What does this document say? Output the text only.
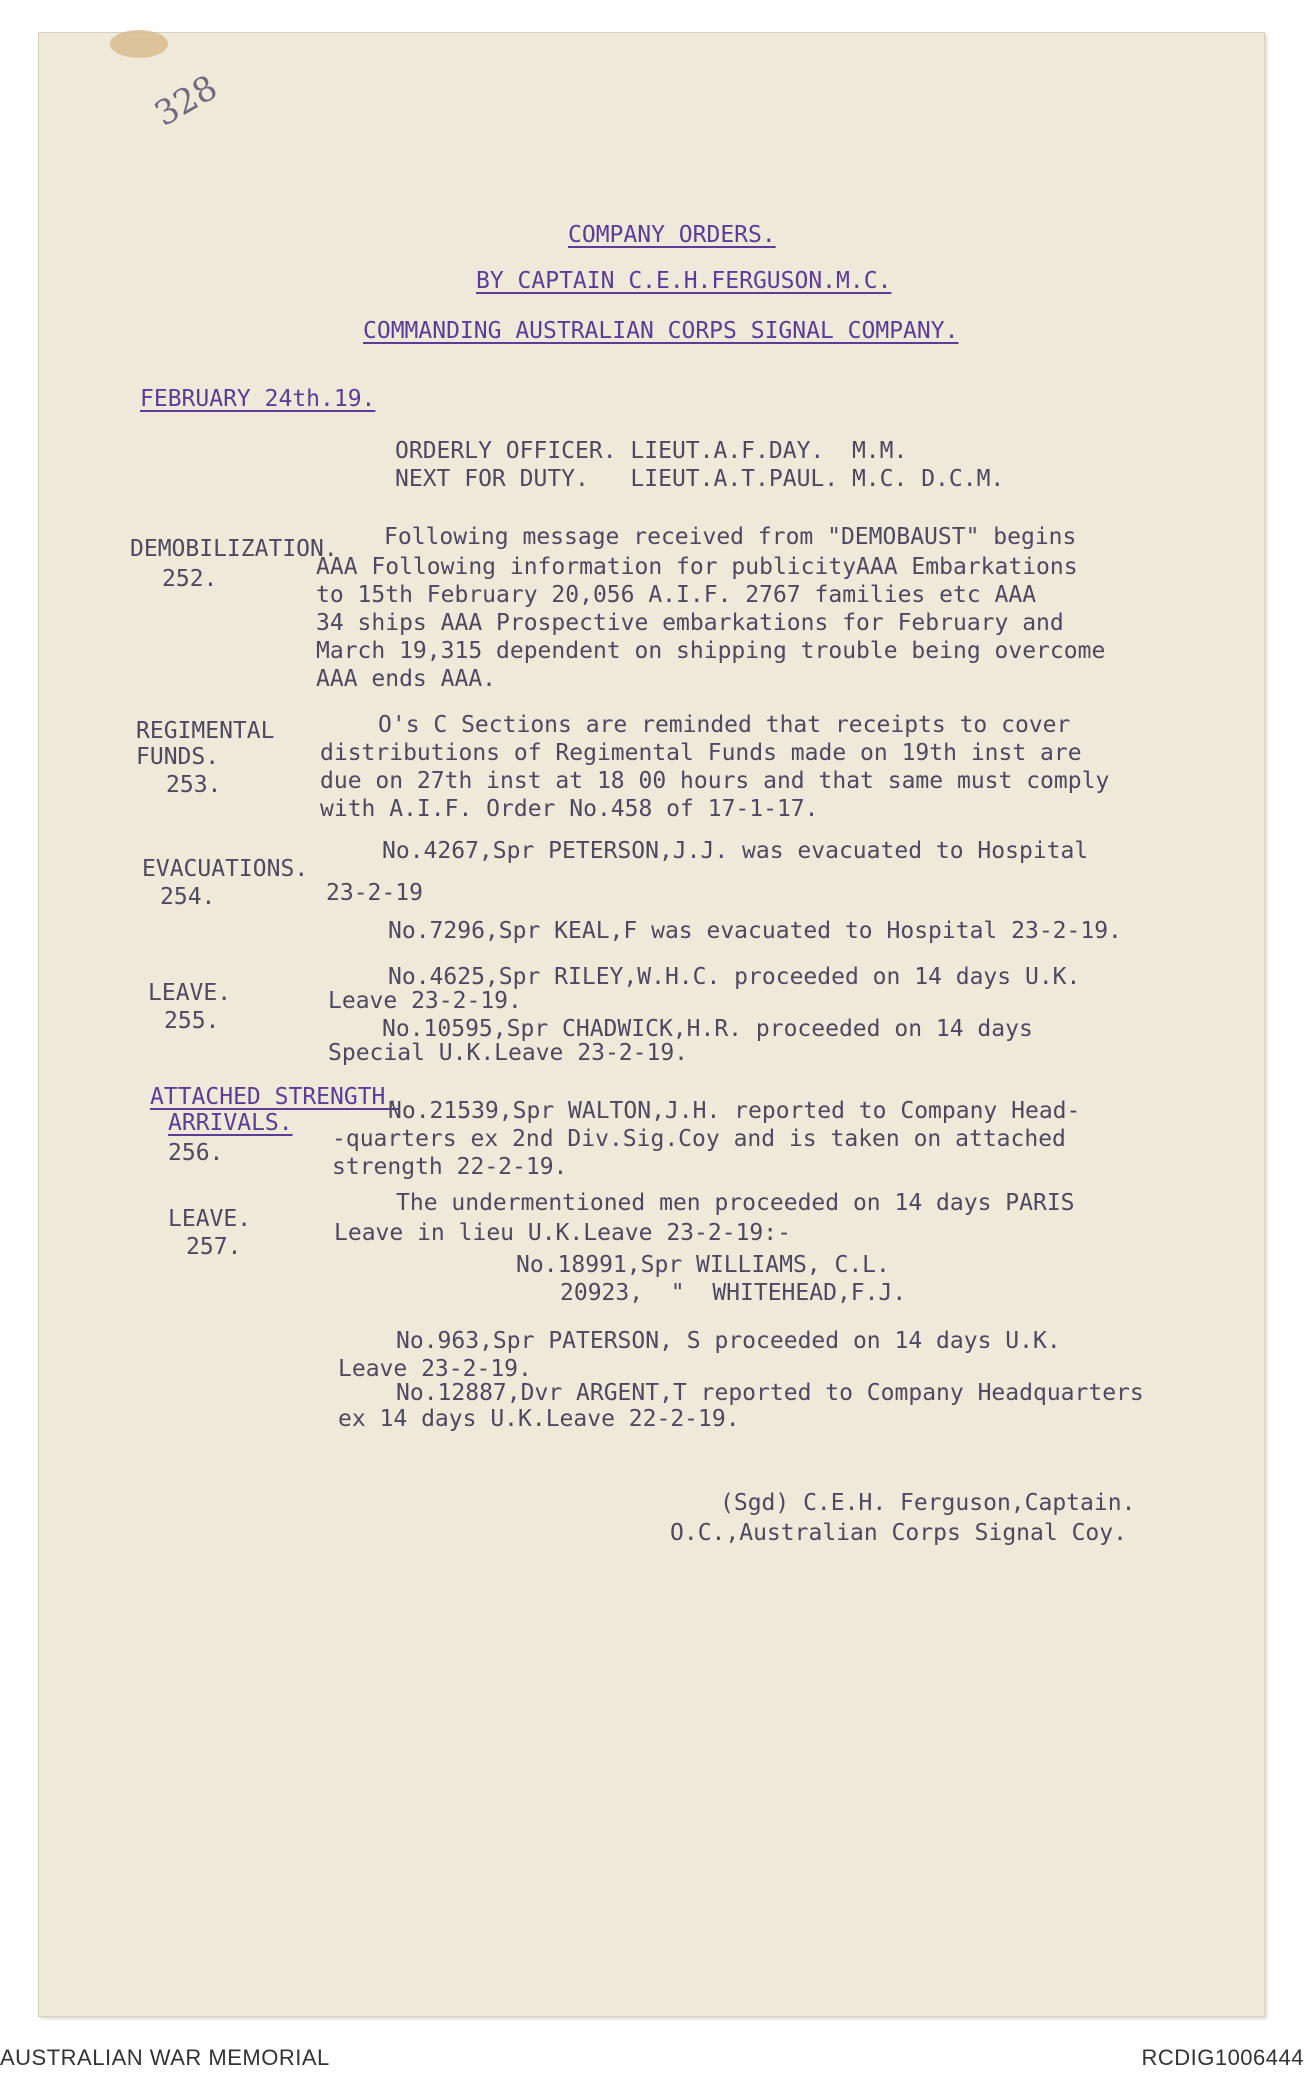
328
COMPANY ORDERS.
BY CAPTAIN C.E.H.FERGUSON.M.C.
COMMANDING AUSTRALIAN CORPS SIGNAL COMPANY.
FEBRUARY 24th.19.
ORDERLY OFFICER. LIEUT.A.F.DAY.  M.M.
NEXT FOR DUTY.   LIEUT.A.T.PAUL. M.C. D.C.M.
DEMOBILIZATION.
252.

Following message received from "DEMOBAUST" begins

AAA Following information for publicityAAA Embarkations

to 15th February 20,056 A.I.F. 2767 families etc AAA

34 ships AAA Prospective embarkations for February and

March 19,315 dependent on shipping trouble being overcome

AAA ends AAA.

REGIMENTAL
FUNDS.
253.

O's C Sections are reminded that receipts to cover

distributions of Regimental Funds made on 19th inst are

due on 27th inst at 18 00 hours and that same must comply

with A.I.F. Order No.458 of 17-1-17.

EVACUATIONS.
254.
No.4267,Spr PETERSON,J.J. was evacuated to Hospital
23-2-19
No.7296,Spr KEAL,F was evacuated to Hospital 23-2-19.
LEAVE.
255.

No.4625,Spr RILEY,W.H.C. proceeded on 14 days U.K.

Leave 23-2-19.

No.10595,Spr CHADWICK,H.R. proceeded on 14 days

Special U.K.Leave 23-2-19.

ATTACHED STRENGTH.
ARRIVALS.
256.

No.21539,Spr WALTON,J.H. reported to Company Head-

-quarters ex 2nd Div.Sig.Coy and is taken on attached

strength 22-2-19.

LEAVE.
257.
The undermentioned men proceeded on 14 days PARIS
Leave in lieu U.K.Leave 23-2-19:-
No.18991,Spr WILLIAMS, C.L.
20923,  "  WHITEHEAD,F.J.
No.963,Spr PATERSON, S proceeded on 14 days U.K.
Leave 23-2-19.
No.12887,Dvr ARGENT,T reported to Company Headquarters
ex 14 days U.K.Leave 22-2-19.
(Sgd) C.E.H. Ferguson,Captain.
O.C.,Australian Corps Signal Coy.
AUSTRALIAN WAR MEMORIAL	RCDIG1006444
